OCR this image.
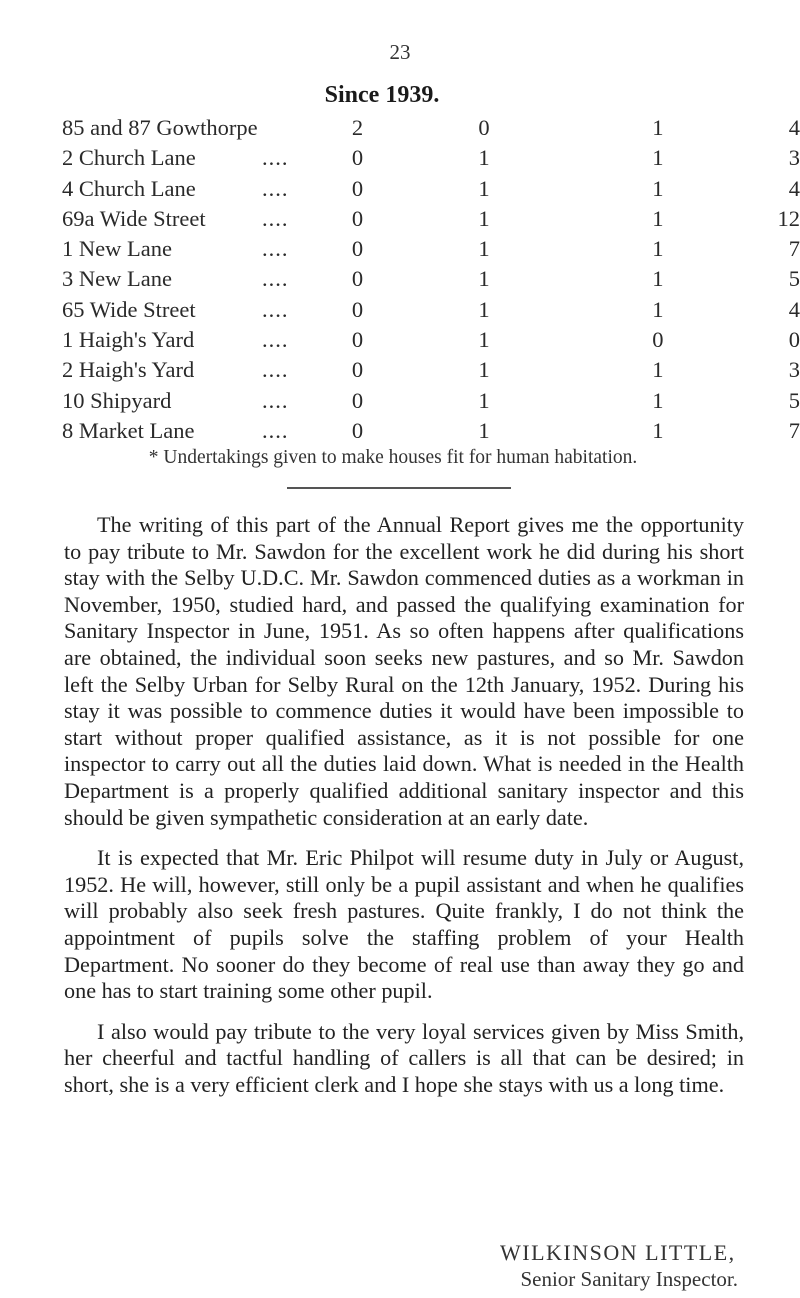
23
Since 1939.
85 and 87 Gowthorpe		2	0	1	4
2 Church Lane	....	0	1	1	3
4 Church Lane	....	0	1	1	4
69a Wide Street	....	0	1	1	12
1 New Lane	....	0	1	1	7
3 New Lane	....	0	1	1	5
65 Wide Street	....	0	1	1	4
1 Haigh's Yard	....	0	1	0	0
2 Haigh's Yard	....	0	1	1	3
10 Shipyard	....	0	1	1	5
8 Market Lane	....	0	1	1	7
* Undertakings given to make houses fit for human habitation.

The writing of this part of the Annual Report gives me the opportunity to pay tribute to Mr. Sawdon for the excellent work he did during his short stay with the Selby U.D.C. Mr. Sawdon commenced duties as a workman in November, 1950, studied hard, and passed the qualifying examination for Sanitary Inspector in June, 1951. As so often happens after qualifications are obtained, the individual soon seeks new pastures, and so Mr. Sawdon left the Selby Urban for Selby Rural on the 12th January, 1952. During his stay it was possible to commence duties it would have been impossible to start without proper qualified assistance, as it is not possible for one inspector to carry out all the duties laid down. What is needed in the Health Department is a properly qualified additional sanitary inspector and this should be given sympathetic consideration at an early date.

It is expected that Mr. Eric Philpot will resume duty in July or August, 1952. He will, however, still only be a pupil assistant and when he qualifies will probably also seek fresh pastures. Quite frankly, I do not think the appointment of pupils solve the staffing problem of your Health Department. No sooner do they become of real use than away they go and one has to start training some other pupil.

I also would pay tribute to the very loyal services given by Miss Smith, her cheerful and tactful handling of callers is all that can be desired; in short, she is a very efficient clerk and I hope she stays with us a long time.

WILKINSON LITTLE,
Senior Sanitary Inspector.
